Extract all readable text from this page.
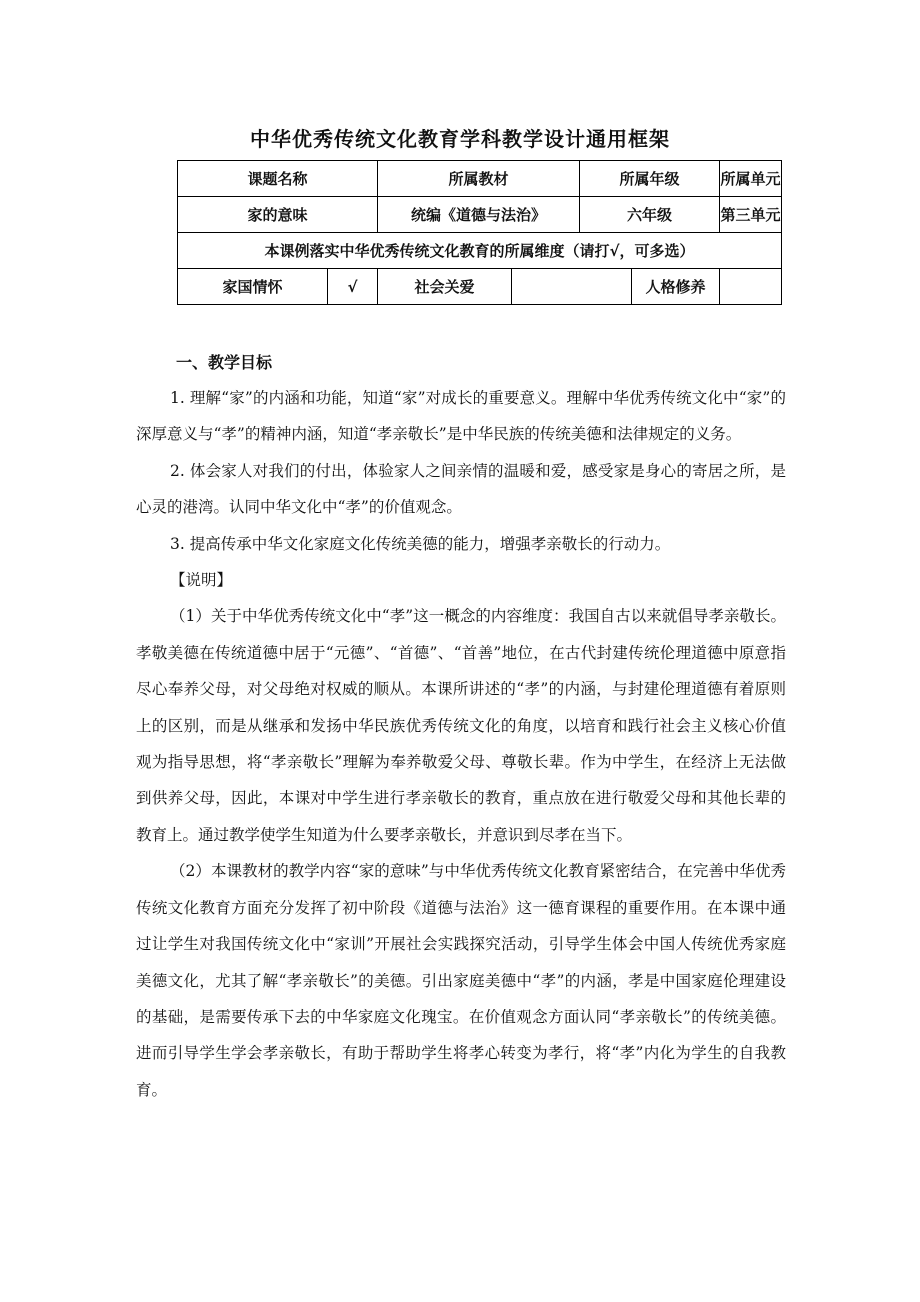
中华优秀传统文化教育学科教学设计通用框架
课题名称		所属教材		所属年级		所属单元
家的意味		统编《道德与法治》		六年级		第三单元
本课例落实中华优秀传统文化教育的所属维度（请打√，可多选）						
家国情怀	√	社会关爱			人格修养	
一、教学目标

1. 理解“家”的内涵和功能，知道“家”对成长的重要意义。理解中华优秀传统文化中“家”的深厚意义与“孝”的精神内涵，知道“孝亲敬长”是中华民族的传统美德和法律规定的义务。

2. 体会家人对我们的付出，体验家人之间亲情的温暖和爱，感受家是身心的寄居之所，是心灵的港湾。认同中华文化中“孝”的价值观念。

3. 提高传承中华文化家庭文化传统美德的能力，增强孝亲敬长的行动力。

【说明】

（1）关于中华优秀传统文化中“孝”这一概念的内容维度：我国自古以来就倡导孝亲敬长。孝敬美德在传统道德中居于“元德”、“首德”、“首善”地位，在古代封建传统伦理道德中原意指尽心奉养父母，对父母绝对权威的顺从。本课所讲述的“孝”的内涵，与封建伦理道德有着原则上的区别，而是从继承和发扬中华民族优秀传统文化的角度，以培育和践行社会主义核心价值观为指导思想，将“孝亲敬长”理解为奉养敬爱父母、尊敬长辈。作为中学生，在经济上无法做到供养父母，因此，本课对中学生进行孝亲敬长的教育，重点放在进行敬爱父母和其他长辈的教育上。通过教学使学生知道为什么要孝亲敬长，并意识到尽孝在当下。

（2）本课教材的教学内容“家的意味”与中华优秀传统文化教育紧密结合，在完善中华优秀传统文化教育方面充分发挥了初中阶段《道德与法治》这一德育课程的重要作用。在本课中通过让学生对我国传统文化中“家训”开展社会实践探究活动，引导学生体会中国人传统优秀家庭美德文化，尤其了解“孝亲敬长”的美德。引出家庭美德中“孝”的内涵，孝是中国家庭伦理建设的基础，是需要传承下去的中华家庭文化瑰宝。在价值观念方面认同“孝亲敬长”的传统美德。进而引导学生学会孝亲敬长，有助于帮助学生将孝心转变为孝行，将“孝”内化为学生的自我教育。
